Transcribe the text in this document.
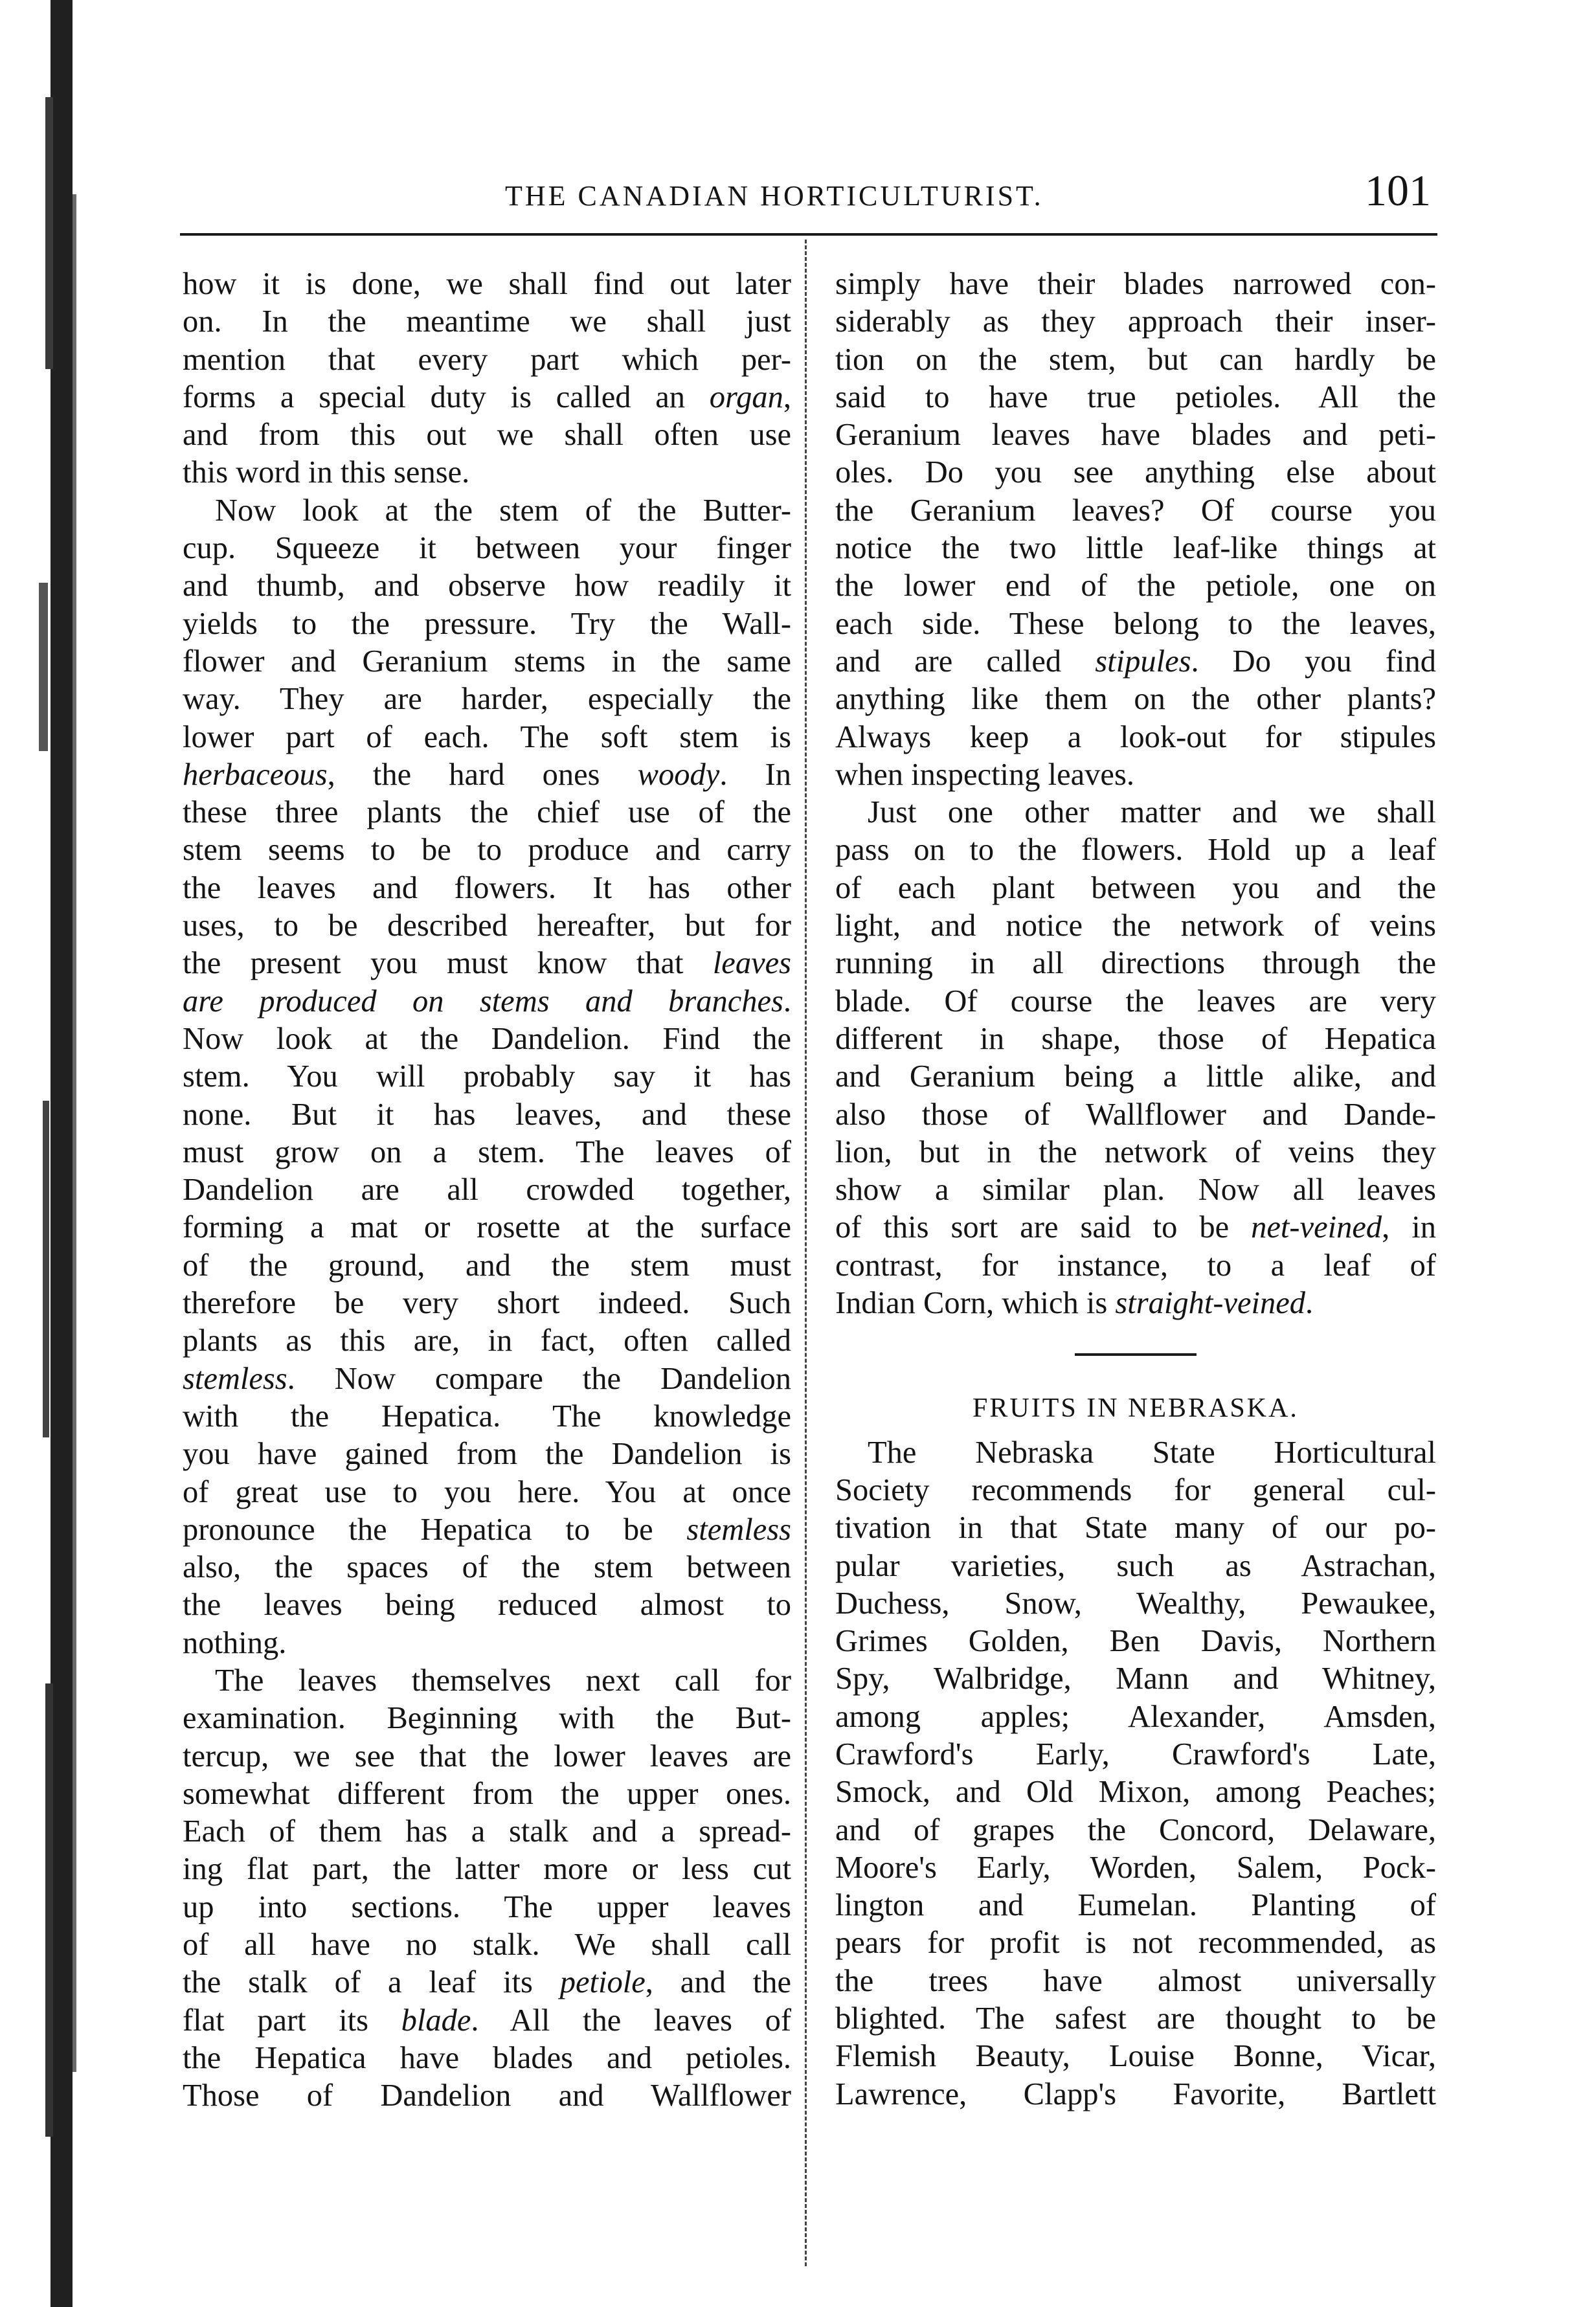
THE CANADIAN HORTICULTURIST.	101
how it is done, we shall find out later
on. In the meantime we shall just
mention that every part which per-
forms a special duty is called an organ,
and from this out we shall often use
this word in this sense.
Now look at the stem of the Butter-
cup. Squeeze it between your finger
and thumb, and observe how readily it
yields to the pressure. Try the Wall-
flower and Geranium stems in the same
way. They are harder, especially the
lower part of each. The soft stem is
herbaceous, the hard ones woody. In
these three plants the chief use of the
stem seems to be to produce and carry
the leaves and flowers. It has other
uses, to be described hereafter, but for
the present you must know that leaves
are produced on stems and branches.
Now look at the Dandelion. Find the
stem. You will probably say it has
none. But it has leaves, and these
must grow on a stem. The leaves of
Dandelion are all crowded together,
forming a mat or rosette at the surface
of the ground, and the stem must
therefore be very short indeed. Such
plants as this are, in fact, often called
stemless. Now compare the Dandelion
with the Hepatica. The knowledge
you have gained from the Dandelion is
of great use to you here. You at once
pronounce the Hepatica to be stemless
also, the spaces of the stem between
the leaves being reduced almost to
nothing.
The leaves themselves next call for
examination. Beginning with the But-
tercup, we see that the lower leaves are
somewhat different from the upper ones.
Each of them has a stalk and a spread-
ing flat part, the latter more or less cut
up into sections. The upper leaves
of all have no stalk. We shall call
the stalk of a leaf its petiole, and the
flat part its blade. All the leaves of
the Hepatica have blades and petioles.
Those of Dandelion and Wallflower
simply have their blades narrowed con-
siderably as they approach their inser-
tion on the stem, but can hardly be
said to have true petioles. All the
Geranium leaves have blades and peti-
oles. Do you see anything else about
the Geranium leaves? Of course you
notice the two little leaf-like things at
the lower end of the petiole, one on
each side. These belong to the leaves,
and are called stipules. Do you find
anything like them on the other plants?
Always keep a look-out for stipules
when inspecting leaves.
Just one other matter and we shall
pass on to the flowers. Hold up a leaf
of each plant between you and the
light, and notice the network of veins
running in all directions through the
blade. Of course the leaves are very
different in shape, those of Hepatica
and Geranium being a little alike, and
also those of Wallflower and Dande-
lion, but in the network of veins they
show a similar plan. Now all leaves
of this sort are said to be net-veined, in
contrast, for instance, to a leaf of
Indian Corn, which is straight-veined.
FRUITS IN NEBRASKA.
The Nebraska State Horticultural
Society recommends for general cul-
tivation in that State many of our po-
pular varieties, such as Astrachan,
Duchess, Snow, Wealthy, Pewaukee,
Grimes Golden, Ben Davis, Northern
Spy, Walbridge, Mann and Whitney,
among apples; Alexander, Amsden,
Crawford's Early, Crawford's Late,
Smock, and Old Mixon, among Peaches;
and of grapes the Concord, Delaware,
Moore's Early, Worden, Salem, Pock-
lington and Eumelan. Planting of
pears for profit is not recommended, as
the trees have almost universally
blighted. The safest are thought to be
Flemish Beauty, Louise Bonne, Vicar,
Lawrence, Clapp's Favorite, Bartlett
